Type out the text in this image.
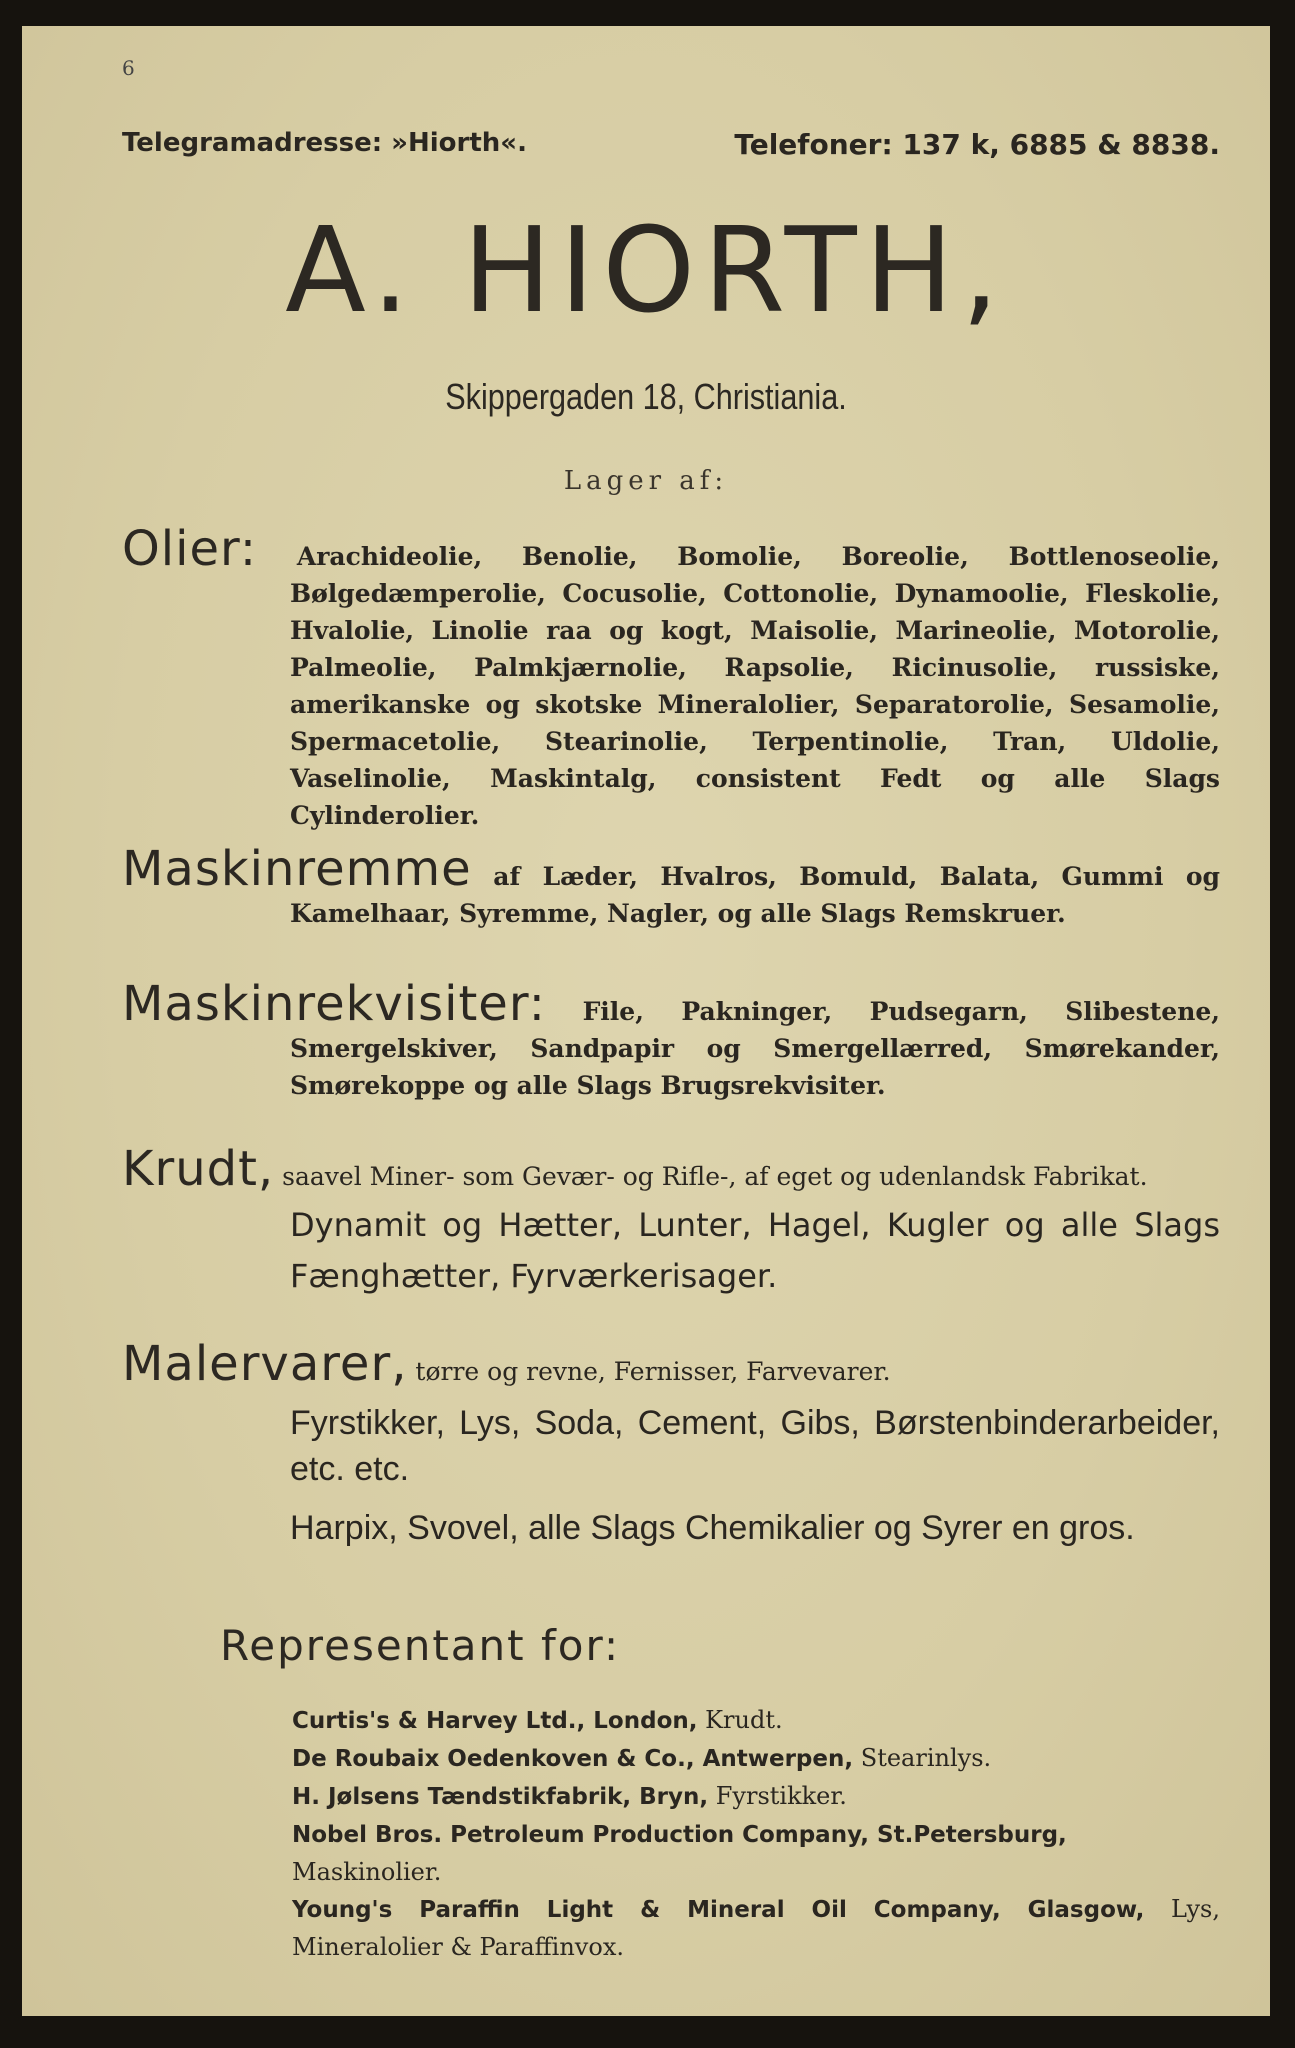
6
Telegramadresse: »Hiorth«.	Telefoner: 137 k, 6885 & 8838.
A. HIORTH,
Skippergaden 18, Christiania.
Lager af:
Olier: Arachideolie, Benolie, Bomolie, Boreolie, Bottlenoseolie, Bølgedæmperolie, Cocusolie, Cottonolie, Dynamoolie, Fleskolie, Hvalolie, Linolie raa og kogt, Maisolie, Marineolie, Motorolie, Palmeolie, Palmkjærnolie, Rapsolie, Ricinusolie, russiske, amerikanske og skotske Mineralolier, Separatorolie, Sesamolie, Spermacetolie, Stearinolie, Terpentinolie, Tran, Uldolie, Vaselinolie, Maskintalg, consistent Fedt og alle Slags Cylinderolier.
Maskinremme af Læder, Hvalros, Bomuld, Balata, Gummi og Kamelhaar, Syremme, Nagler, og alle Slags Remskruer.
Maskinrekvisiter: File, Pakninger, Pudsegarn, Slibestene, Smergelskiver, Sandpapir og Smergellærred, Smørekander, Smørekoppe og alle Slags Brugsrekvisiter.
Krudt, saavel Miner- som Gevær- og Rifle-, af eget og udenlandsk Fabrikat.
Dynamit og Hætter, Lunter, Hagel, Kugler og alle Slags Fænghætter, Fyrværkerisager.
Malervarer, tørre og revne, Fernisser, Farvevarer.
Fyrstikker, Lys, Soda, Cement, Gibs, Børstenbinderarbeider, etc. etc.
Harpix, Svovel, alle Slags Chemikalier og Syrer en gros.
Representant for:
Curtis's & Harvey Ltd., London, Krudt.
De Roubaix Oedenkoven & Co., Antwerpen, Stearinlys.
H. Jølsens Tændstikfabrik, Bryn, Fyrstikker.
Nobel Bros. Petroleum Production Company, St.Petersburg, Maskinolier.
Young's Paraffin Light & Mineral Oil Company, Glasgow, Lys, Mineralolier & Paraffinvox.
